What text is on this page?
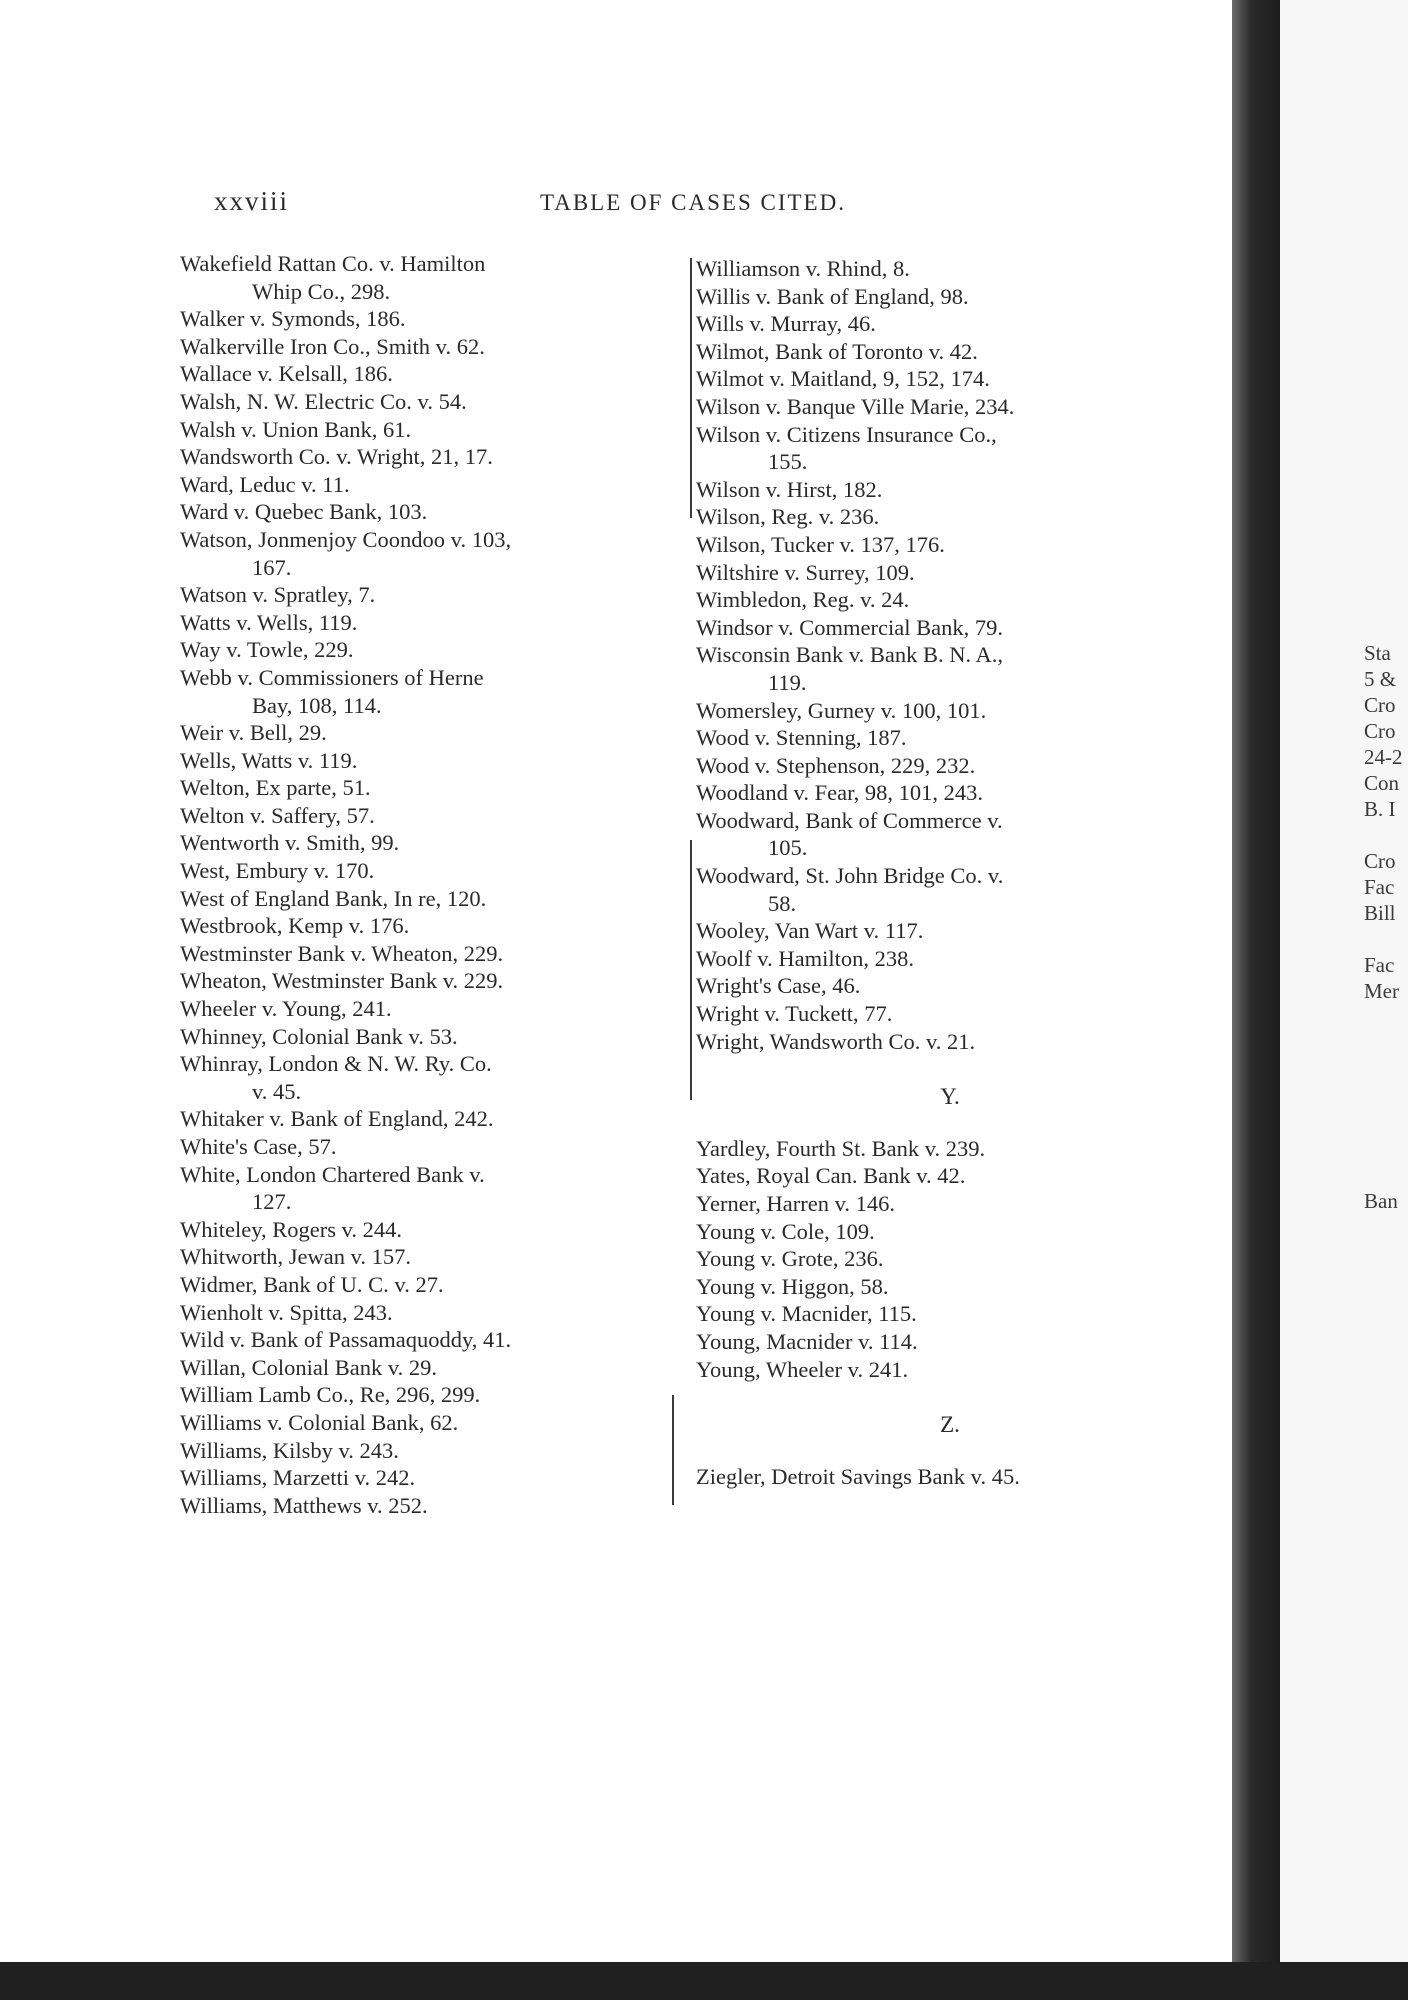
xxviii	TABLE OF CASES CITED.
Wakefield Rattan Co. v. Hamilton
Whip Co., 298.
Walker v. Symonds, 186.
Walkerville Iron Co., Smith v. 62.
Wallace v. Kelsall, 186.
Walsh, N. W. Electric Co. v. 54.
Walsh v. Union Bank, 61.
Wandsworth Co. v. Wright, 21, 17.
Ward, Leduc v. 11.
Ward v. Quebec Bank, 103.
Watson, Jonmenjoy Coondoo v. 103,
167.
Watson v. Spratley, 7.
Watts v. Wells, 119.
Way v. Towle, 229.
Webb v. Commissioners of Herne
Bay, 108, 114.
Weir v. Bell, 29.
Wells, Watts v. 119.
Welton, Ex parte, 51.
Welton v. Saffery, 57.
Wentworth v. Smith, 99.
West, Embury v. 170.
West of England Bank, In re, 120.
Westbrook, Kemp v. 176.
Westminster Bank v. Wheaton, 229.
Wheaton, Westminster Bank v. 229.
Wheeler v. Young, 241.
Whinney, Colonial Bank v. 53.
Whinray, London & N. W. Ry. Co.
v. 45.
Whitaker v. Bank of England, 242.
White's Case, 57.
White, London Chartered Bank v.
127.
Whiteley, Rogers v. 244.
Whitworth, Jewan v. 157.
Widmer, Bank of U. C. v. 27.
Wienholt v. Spitta, 243.
Wild v. Bank of Passamaquoddy, 41.
Willan, Colonial Bank v. 29.
William Lamb Co., Re, 296, 299.
Williams v. Colonial Bank, 62.
Williams, Kilsby v. 243.
Williams, Marzetti v. 242.
Williams, Matthews v. 252.
Williamson v. Rhind, 8.
Willis v. Bank of England, 98.
Wills v. Murray, 46.
Wilmot, Bank of Toronto v. 42.
Wilmot v. Maitland, 9, 152, 174.
Wilson v. Banque Ville Marie, 234.
Wilson v. Citizens Insurance Co.,
155.
Wilson v. Hirst, 182.
Wilson, Reg. v. 236.
Wilson, Tucker v. 137, 176.
Wiltshire v. Surrey, 109.
Wimbledon, Reg. v. 24.
Windsor v. Commercial Bank, 79.
Wisconsin Bank v. Bank B. N. A.,
119.
Womersley, Gurney v. 100, 101.
Wood v. Stenning, 187.
Wood v. Stephenson, 229, 232.
Woodland v. Fear, 98, 101, 243.
Woodward, Bank of Commerce v.
105.
Woodward, St. John Bridge Co. v.
58.
Wooley, Van Wart v. 117.
Woolf v. Hamilton, 238.
Wright's Case, 46.
Wright v. Tuckett, 77.
Wright, Wandsworth Co. v. 21.
Y.
Yardley, Fourth St. Bank v. 239.
Yates, Royal Can. Bank v. 42.
Yerner, Harren v. 146.
Young v. Cole, 109.
Young v. Grote, 236.
Young v. Higgon, 58.
Young v. Macnider, 115.
Young, Macnider v. 114.
Young, Wheeler v. 241.
Z.
Ziegler, Detroit Savings Bank v. 45.
Sta
5 &
Cro
Cro
24-2
Con
B. I

Cro
Fac
Bill

Fac
Mer
Ban
